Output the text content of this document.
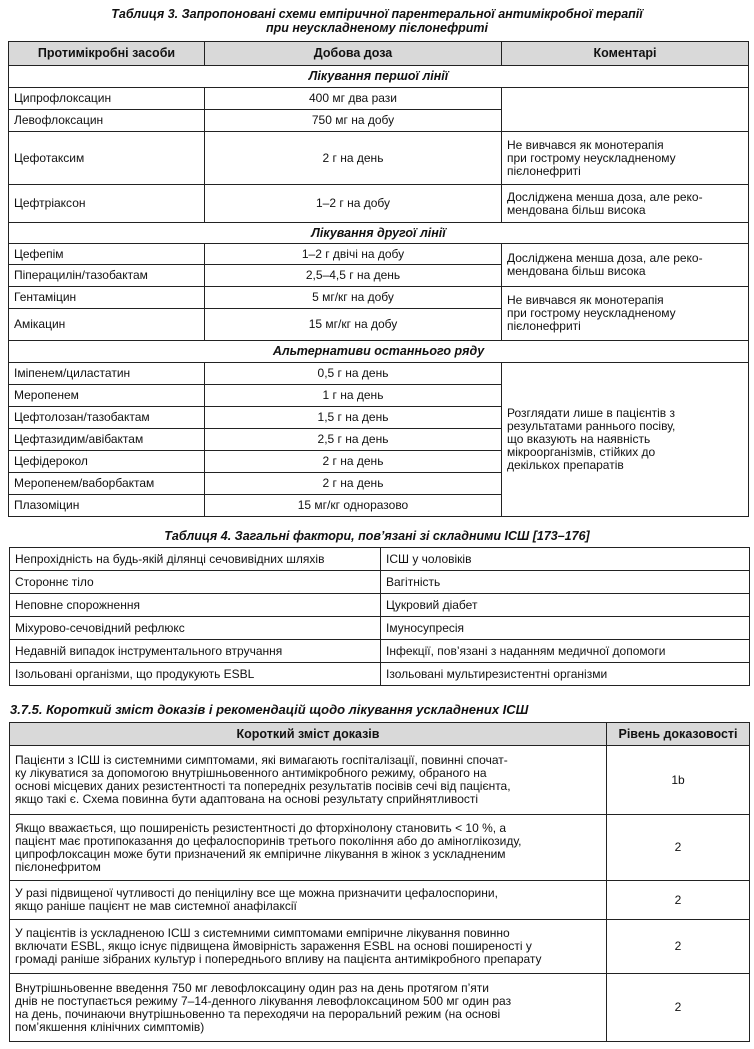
Таблиця 3. Запропоновані схеми емпіричної парентеральної антимікробної терапії
при неускладненому пієлонефриті
Протимікробні засоби	Добова доза	Коментарі
Лікування першої лінії		
Ципрофлоксацин	400 мг два рази	
Левофлоксацин	750 мг на добу	
Цефотаксим	2 г на день	Не вивчався як монотерапія
при гострому неускладненому
пієлонефриті

Цефтріаксон	1–2 г на добу	Досліджена менша доза, але реко-
мендована більш висока

Лікування другої лінії		
Цефепім	1–2 г двічі на добу	Досліджена менша доза, але реко-
мендована більш висока

Піперацилін/тазобактам	2,5–4,5 г на день	
Гентаміцин	5 мг/кг на добу	Не вивчався як монотерапія
при гострому неускладненому
пієлонефриті

Амікацин	15 мг/кг на добу	
Альтернативи останнього ряду		
Іміпенем/циластатин	0,5 г на день	Розглядати лише в пацієнтів з
результатами раннього посіву,
що вказують на наявність
мікроорганізмів, стійких до
декількох препаратів

Меропенем	1 г на день	
Цефтолозан/тазобактам	1,5 г на день	
Цефтазидим/авібактам	2,5 г на день	
Цефідерокол	2 г на день	
Меропенем/ваборбактам	2 г на день	
Плазоміцин	15 мг/кг одноразово	
Таблиця 4. Загальні фактори, пов’язані зі складними ІСШ [173–176]
Непрохідність на будь-якій ділянці сечовивідних шляхів	ІСШ у чоловіків
Стороннє тіло	Вагітність
Неповне спорожнення	Цукровий діабет
Міхурово-сечовідний рефлюкс	Імуносупресія
Недавній випадок інструментального втручання	Інфекції, пов’язані з наданням медичної допомоги
Ізольовані організми, що продукують ESBL	Ізольовані мультирезистентні організми
3.7.5. Короткий зміст доказів і рекомендацій щодо лікування ускладнених ІСШ
Короткий зміст доказів	Рівень доказовості

Пацієнти з ІСШ із системними симптомами, які вимагають госпіталізації, повинні спочат-
ку лікуватися за допомогою внутрішньовенного антимікробного режиму, обраного на
основі місцевих даних резистентності та попередніх результатів посівів сечі від пацієнта,
якщо такі є. Схема повинна бути адаптована на основі результату сприйнятливості	1b

Якщо вважається, що поширеність резистентності до фторхінолону становить < 10 %, а
пацієнт має протипоказання до цефалоспоринів третього покоління або до аміноглікозиду,
ципрофлоксацин може бути призначений як емпіричне лікування в жінок з ускладненим
пієлонефритом	2

У разі підвищеної чутливості до пеніциліну все ще можна призначити цефалоспорини,
якщо раніше пацієнт не мав системної анафілаксії	2

У пацієнтів із ускладненою ІСШ з системними симптомами емпіричне лікування повинно
включати ESBL, якщо існує підвищена ймовірність зараження ESBL на основі поширеності у
громаді раніше зібраних культур і попереднього впливу на пацієнта антимікробного препарату	2

Внутрішньовенне введення 750 мг левофлоксацину один раз на день протягом п’яти
днів не поступається режиму 7–14-денного лікування левофлоксацином 500 мг один раз
на день, починаючи внутрішньовенно та переходячи на пероральний режим (на основі
пом’якшення клінічних симптомів)	2
